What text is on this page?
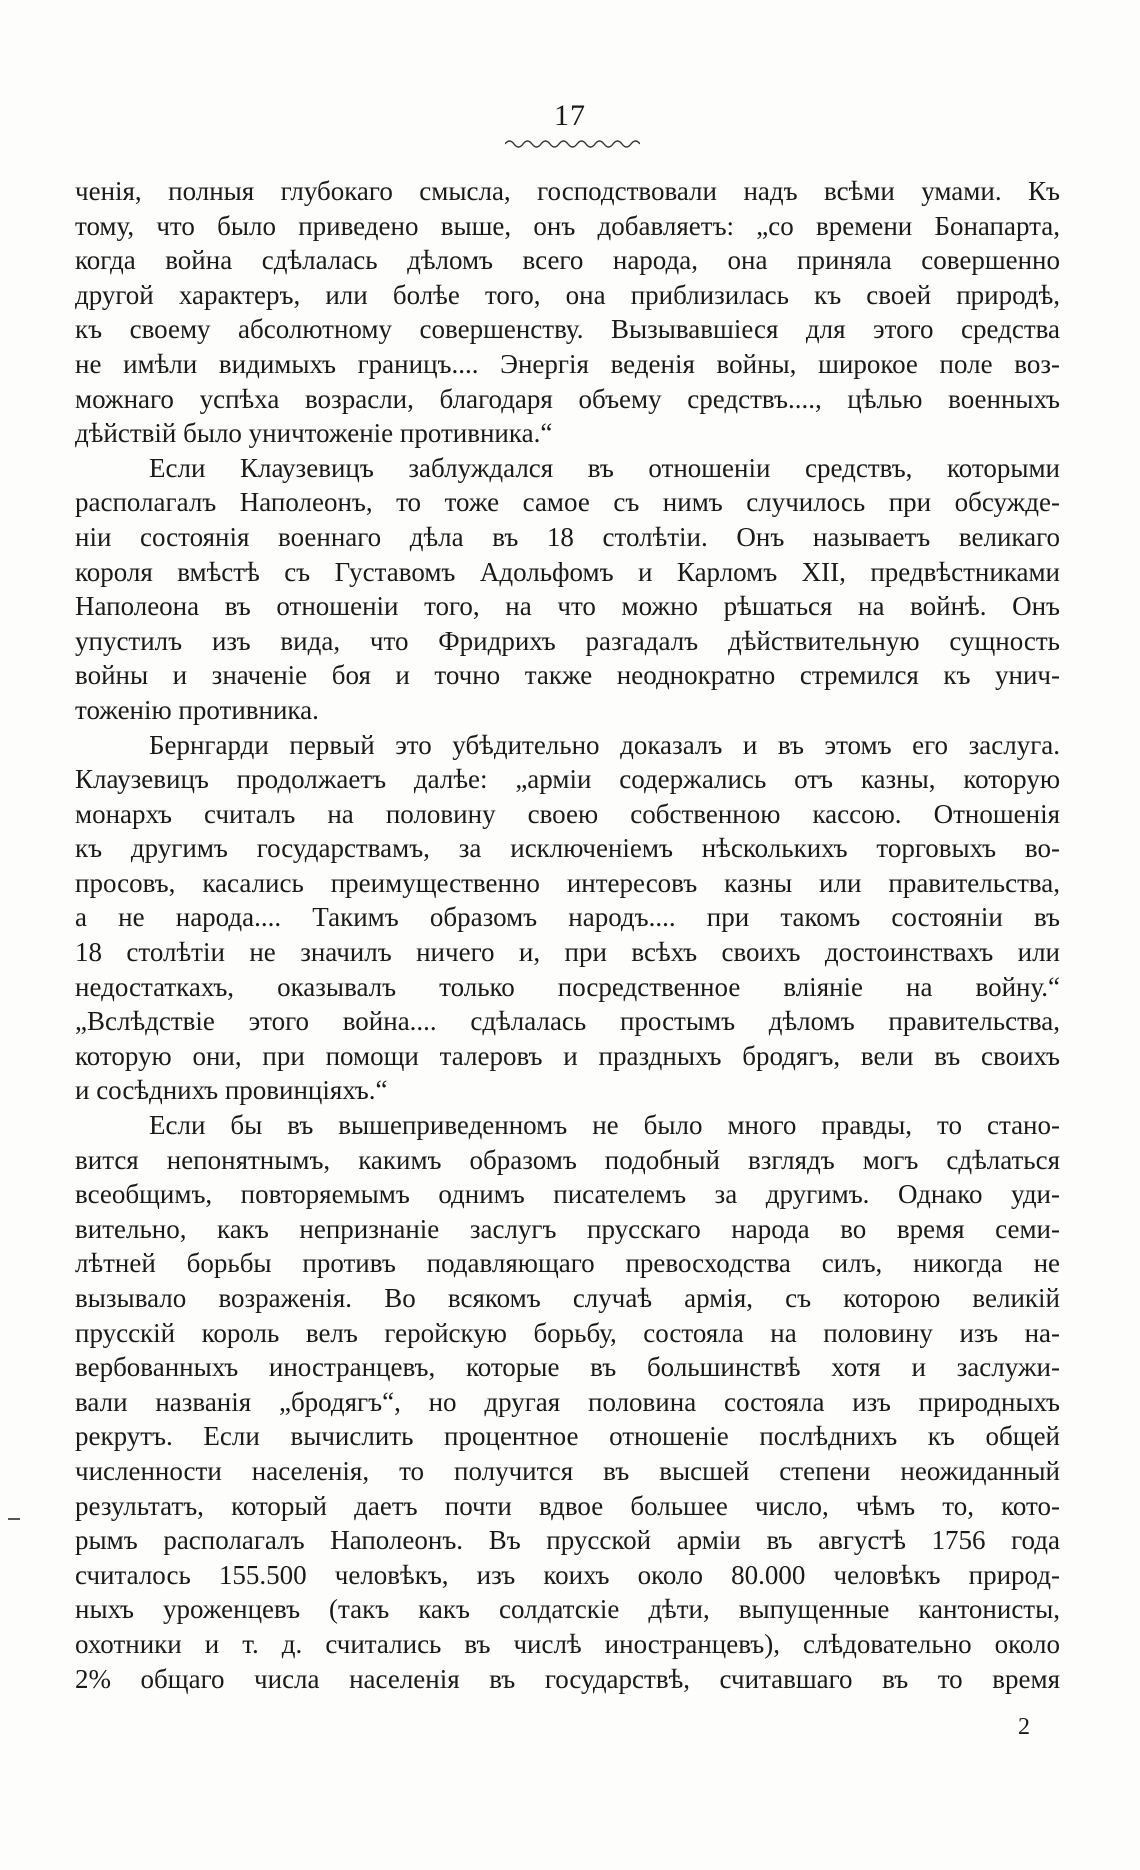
17
ченія, полныя глубокаго смысла, господствовали надъ всѣми умами. Къ
тому, что было приведено выше, онъ добавляетъ: „со времени Бонапарта,
когда война сдѣлалась дѣломъ всего народа, она приняла совершенно
другой характеръ, или болѣе того, она приблизилась къ своей природѣ,
къ своему абсолютному совершенству. Вызывавшіеся для этого средства
не имѣли видимыхъ границъ.... Энергія веденія войны, широкое поле воз-
можнаго успѣха возрасли, благодаря объему средствъ...., цѣлью военныхъ
дѣйствій было уничтоженіе противника.“
Если Клаузевицъ заблуждался въ отношеніи средствъ, которыми
располагалъ Наполеонъ, то тоже самое съ нимъ случилось при обсужде-
ніи состоянія военнаго дѣла въ 18 столѣтіи. Онъ называетъ великаго
короля вмѣстѣ съ Густавомъ Адольфомъ и Карломъ XII, предвѣстниками
Наполеона въ отношеніи того, на что можно рѣшаться на войнѣ. Онъ
упустилъ изъ вида, что Фридрихъ разгадалъ дѣйствительную сущность
войны и значеніе боя и точно также неоднократно стремился къ унич-
тоженію противника.
Бернгарди первый это убѣдительно доказалъ и въ этомъ его заслуга.
Клаузевицъ продолжаетъ далѣе: „арміи содержались отъ казны, которую
монархъ считалъ на половину своею собственною кассою. Отношенія
къ другимъ государствамъ, за исключеніемъ нѣсколькихъ торговыхъ во-
просовъ, касались преимущественно интересовъ казны или правительства,
а не народа.... Такимъ образомъ народъ.... при такомъ состояніи въ
18 столѣтіи не значилъ ничего и, при всѣхъ своихъ достоинствахъ или
недостаткахъ, оказывалъ только посредственное вліяніе на войну.“
„Вслѣдствіе этого война.... сдѣлалась простымъ дѣломъ правительства,
которую они, при помощи талеровъ и праздныхъ бродягъ, вели въ своихъ
и сосѣднихъ провинціяхъ.“
Если бы въ вышеприведенномъ не было много правды, то стано-
вится непонятнымъ, какимъ образомъ подобный взглядъ могъ сдѣлаться
всеобщимъ, повторяемымъ однимъ писателемъ за другимъ. Однако уди-
вительно, какъ непризнаніе заслугъ прусскаго народа во время семи-
лѣтней борьбы противъ подавляющаго превосходства силъ, никогда не
вызывало возраженія. Во всякомъ случаѣ армія, съ которою великій
прусскій король велъ геройскую борьбу, состояла на половину изъ на-
вербованныхъ иностранцевъ, которые въ большинствѣ хотя и заслужи-
вали названія „бродягъ“, но другая половина состояла изъ природныхъ
рекрутъ. Если вычислить процентное отношеніе послѣднихъ къ общей
численности населенія, то получится въ высшей степени неожиданный
результатъ, который даетъ почти вдвое большее число, чѣмъ то, кото-
рымъ располагалъ Наполеонъ. Въ прусской арміи въ августѣ 1756 года
считалось 155.500 человѣкъ, изъ коихъ около 80.000 человѣкъ природ-
ныхъ уроженцевъ (такъ какъ солдатскіе дѣти, выпущенные кантонисты,
охотники и т. д. считались въ числѣ иностранцевъ), слѣдовательно около
2% общаго числа населенія въ государствѣ, считавшаго въ то время
2
